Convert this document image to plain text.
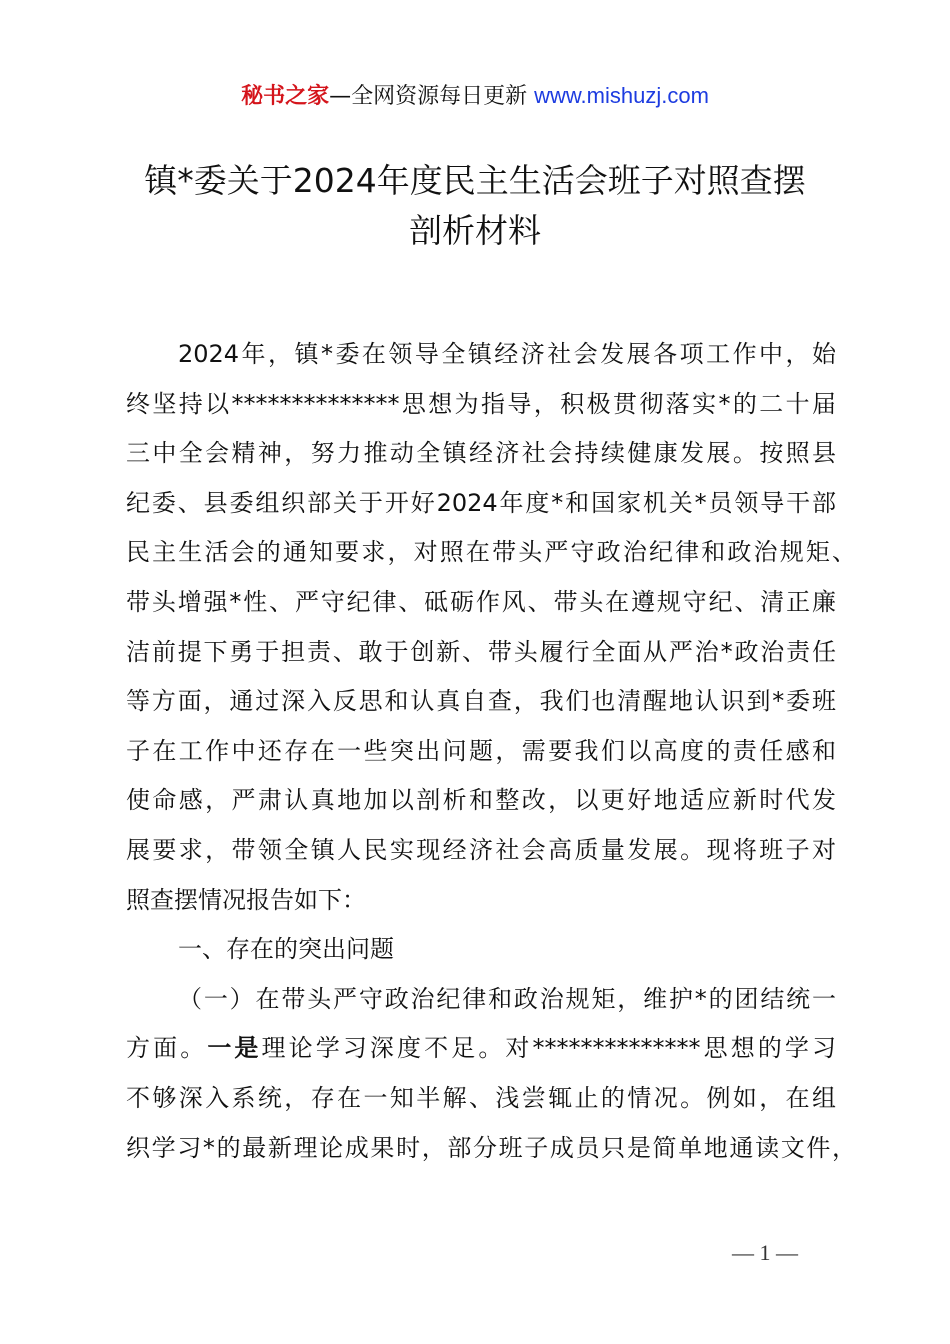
秘书之家—全网资源每日更新 www.mishuzj.com
镇*委关于2024年度民主生活会班子对照查摆
剖析材料
2024年，镇*委在领导全镇经济社会发展各项工作中，始
终坚持以**************思想为指导，积极贯彻落实*的二十届
三中全会精神，努力推动全镇经济社会持续健康发展。按照县
纪委、县委组织部关于开好2024年度*和国家机关*员领导干部
民主生活会的通知要求，对照在带头严守政治纪律和政治规矩、
带头增强*性、严守纪律、砥砺作风、带头在遵规守纪、清正廉
洁前提下勇于担责、敢于创新、带头履行全面从严治*政治责任
等方面，通过深入反思和认真自查，我们也清醒地认识到*委班
子在工作中还存在一些突出问题，需要我们以高度的责任感和
使命感，严肃认真地加以剖析和整改，以更好地适应新时代发
展要求，带领全镇人民实现经济社会高质量发展。现将班子对
照查摆情况报告如下：
一、存在的突出问题
（一）在带头严守政治纪律和政治规矩，维护*的团结统一
方面。一是理论学习深度不足。对**************思想的学习
不够深入系统，存在一知半解、浅尝辄止的情况。例如，在组
织学习*的最新理论成果时，部分班子成员只是简单地通读文件，
— 1 —
